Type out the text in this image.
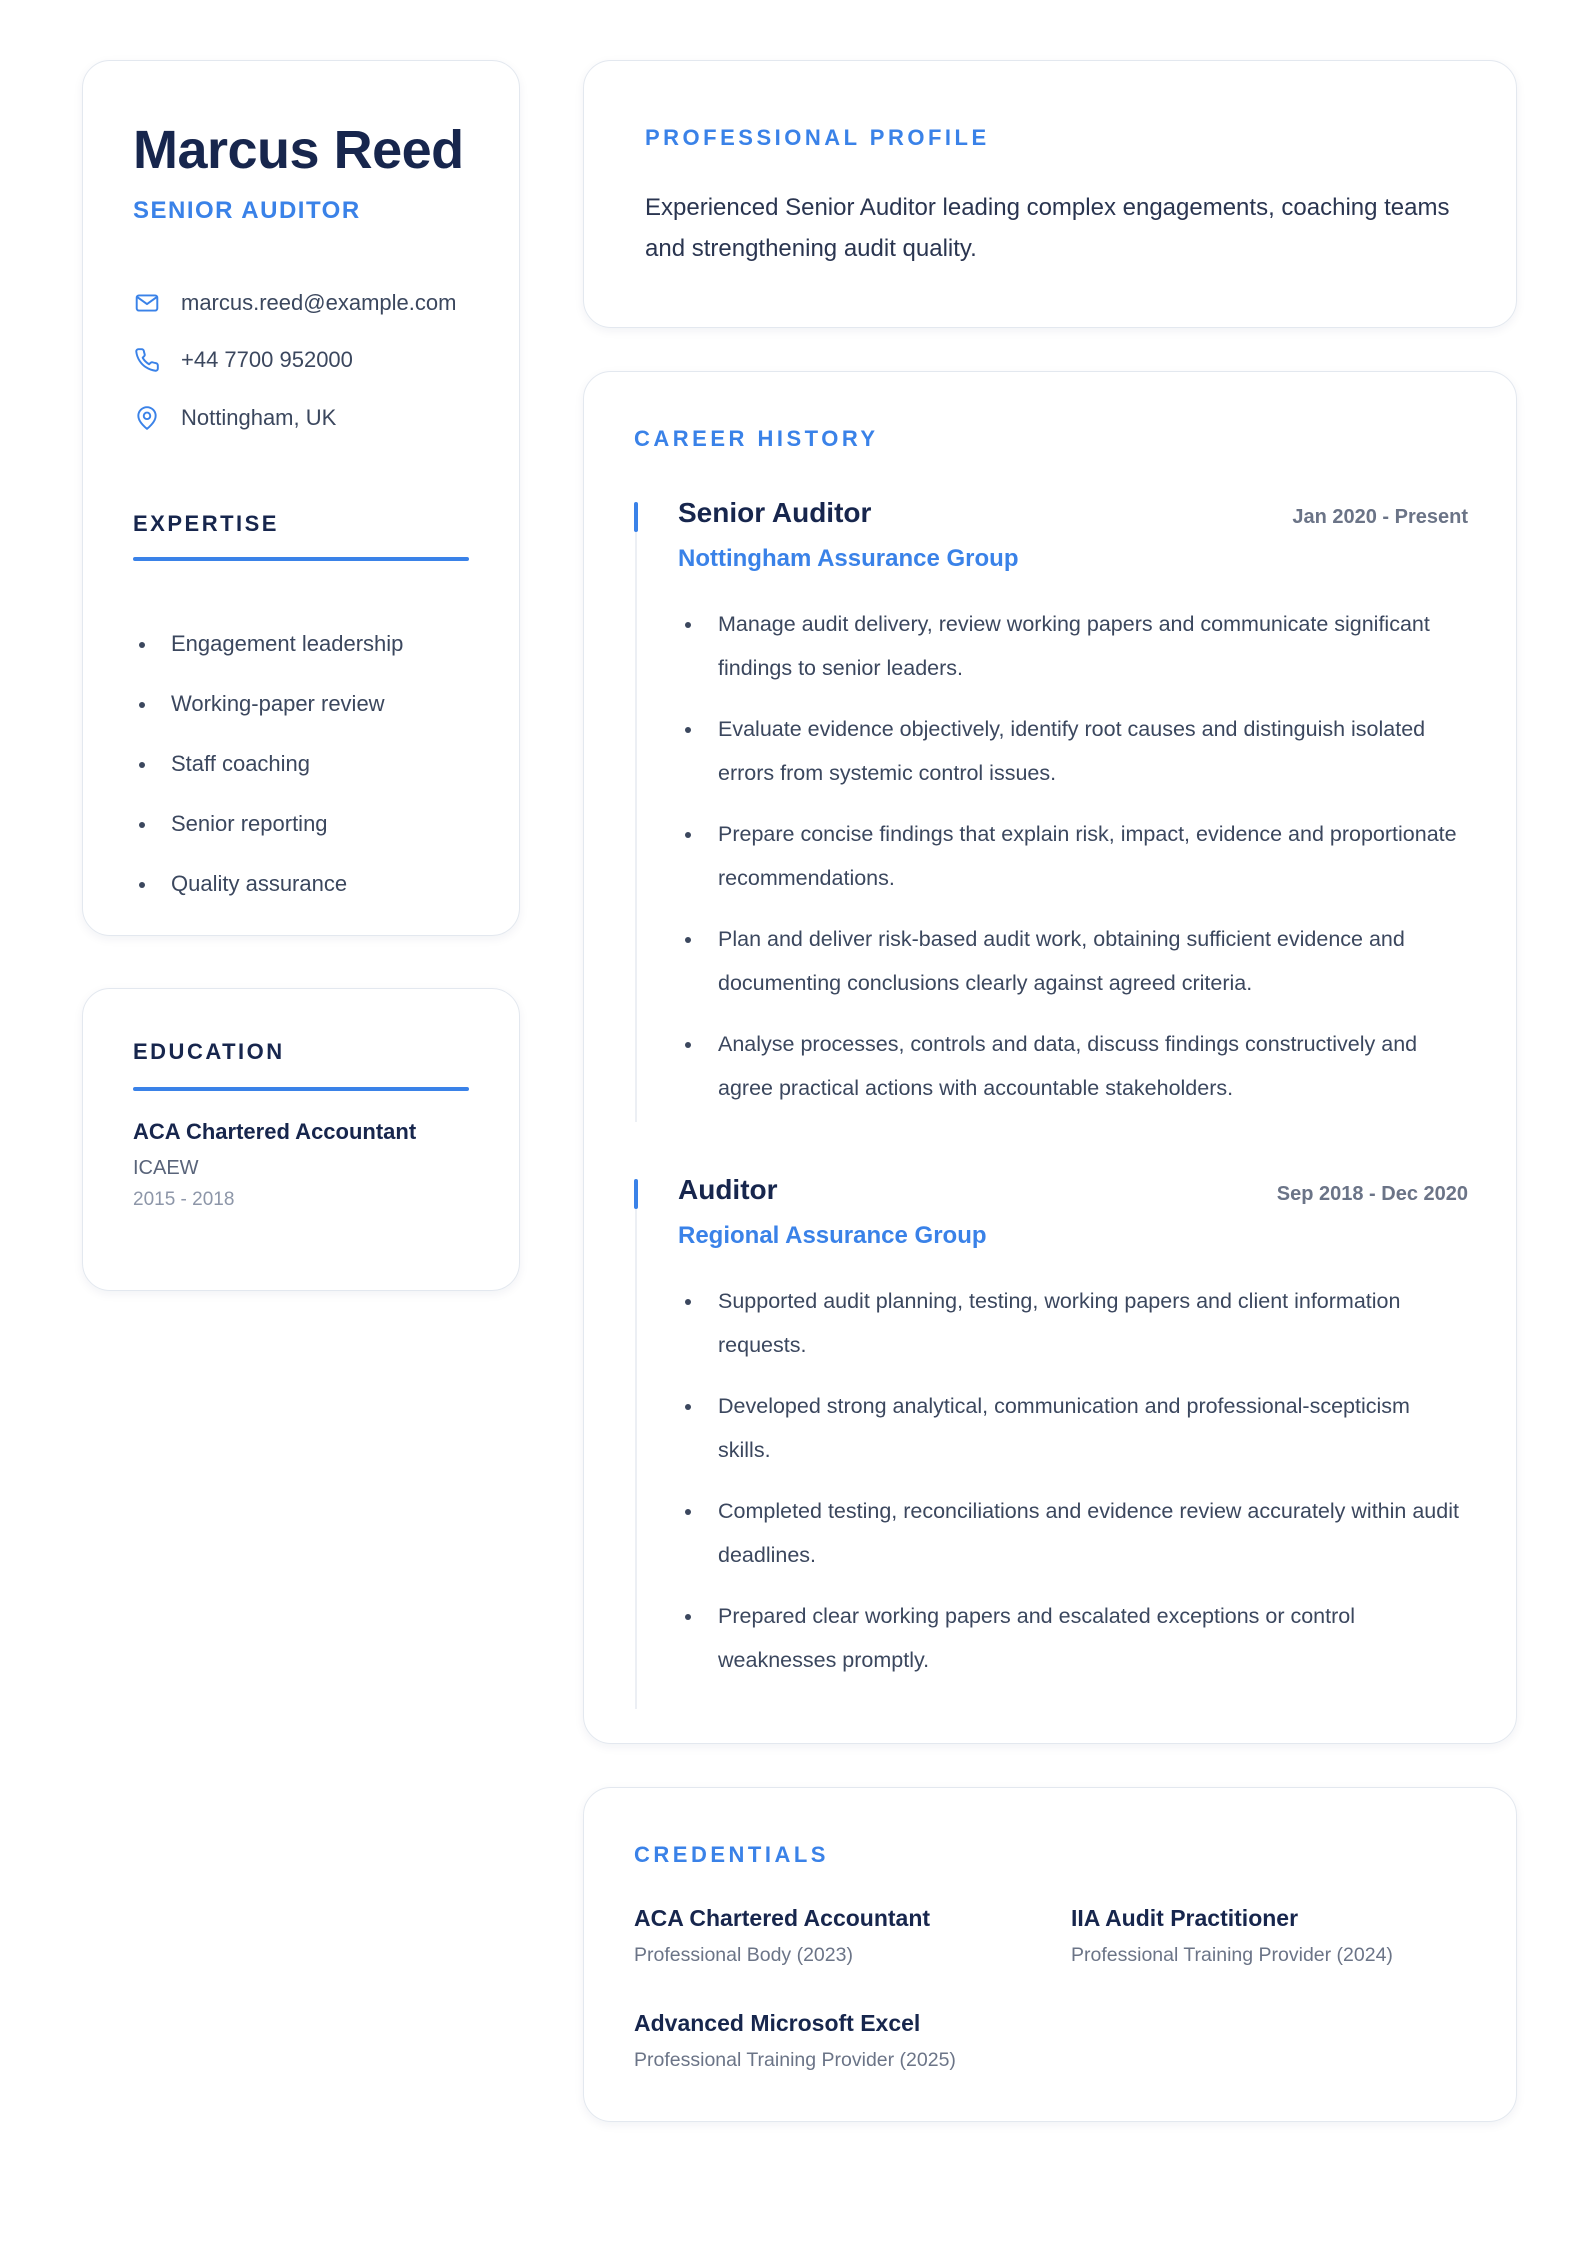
Marcus Reed
SENIOR AUDITOR
marcus.reed@example.com
+44 7700 952000
Nottingham, UK
EXPERTISE
Engagement leadership
Working-paper review
Staff coaching
Senior reporting
Quality assurance
EDUCATION
ACA Chartered Accountant
ICAEW
2015 - 2018
PROFESSIONAL PROFILE

Experienced Senior Auditor leading complex engagements, coaching teams and strengthening audit quality.

CAREER HISTORY
Senior Auditor	Jan 2020 - Present
Nottingham Assurance Group
Manage audit delivery, review working papers and communicate significant findings to senior leaders.
Evaluate evidence objectively, identify root causes and distinguish isolated errors from systemic control issues.
Prepare concise findings that explain risk, impact, evidence and proportionate recommendations.
Plan and deliver risk-based audit work, obtaining sufficient evidence and documenting conclusions clearly against agreed criteria.
Analyse processes, controls and data, discuss findings constructively and agree practical actions with accountable stakeholders.
Auditor	Sep 2018 - Dec 2020
Regional Assurance Group
Supported audit planning, testing, working papers and client information requests.
Developed strong analytical, communication and professional-scepticism skills.
Completed testing, reconciliations and evidence review accurately within audit deadlines.
Prepared clear working papers and escalated exceptions or control weaknesses promptly.
CREDENTIALS
ACA Chartered Accountant
Professional Body (2023)
IIA Audit Practitioner
Professional Training Provider (2024)
Advanced Microsoft Excel
Professional Training Provider (2025)
